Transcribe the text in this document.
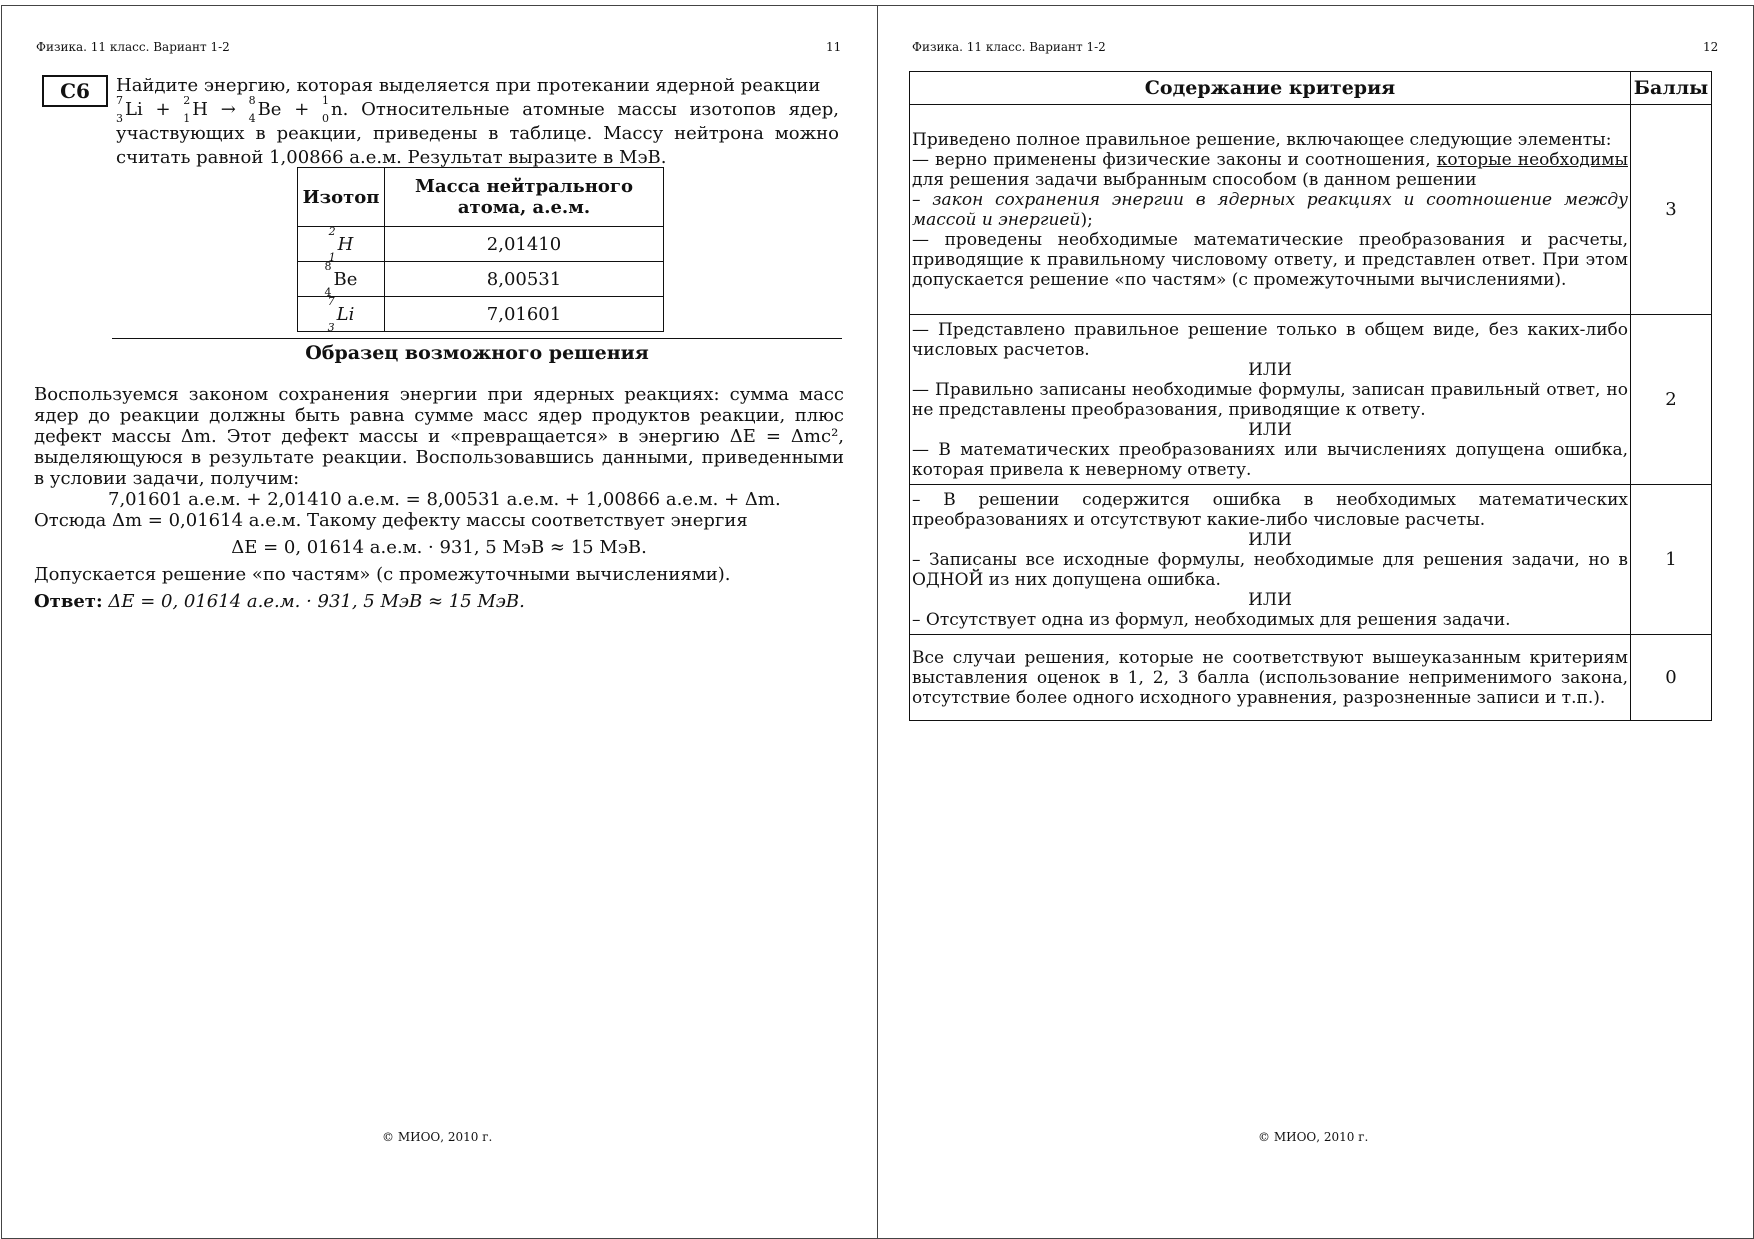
Физика. 11 класс. Вариант 1-2	11
C6	Найдите энергию, которая выделяется при протекании ядерной реакции

7
3 Li + 2
1 H → 8
4 Be + 1
0 n. Относительные атомные массы изотопов ядер, участвующих в реакции, приведены в таблице. Массу нейтрона можно считать равной 1,00866 а.е.м. Результат выразите в МэВ.
Изотоп	Масса нейтрального атома, а.е.м.

2
1
H	2,01410

8
4
Be	8,00531

7
3
Li	7,01601
Образец возможного решения

Воспользуемся законом сохранения энергии при ядерных реакциях: сумма масс ядер до реакции должны быть равна сумме масс ядер продуктов реакции, плюс дефект массы Δm. Этот дефект массы и «превращается» в энергию ΔE = Δmc², выделяющуюся в результате реакции. Воспользовавшись данными, приведенными в условии задачи, получим:

7,01601 а.е.м. + 2,01410 а.е.м. = 8,00531 а.е.м. + 1,00866 а.е.м. + Δm.

Отсюда Δm = 0,01614 а.е.м. Такому дефекту массы соответствует энергия

ΔE = 0, 01614 а.е.м. · 931, 5 МэВ ≈ 15 МэВ.

Допускается решение «по частям» (с промежуточными вычислениями).

Ответ: ΔE = 0, 01614 а.е.м. · 931, 5 МэВ ≈ 15 МэВ.

© МИОО, 2010 г.
Физика. 11 класс. Вариант 1-2	12
Содержание критерия	Баллы

Приведено полное правильное решение, включающее следующие элементы:
— верно применены физические законы и соотношения, которые необходимы для решения задачи выбранным способом (в данном решении
– закон сохранения энергии в ядерных реакциях и соотношение между массой и энергией);
— проведены необходимые математические преобразования и расчеты, приводящие к правильному числовому ответу, и представлен ответ. При этом допускается решение «по частям» (с промежуточными вычислениями).	3

— Представлено правильное решение только в общем виде, без каких-либо числовых расчетов.
ИЛИ
— Правильно записаны необходимые формулы, записан правильный ответ, но не представлены преобразования, приводящие к ответу.
ИЛИ
— В математических преобразованиях или вычислениях допущена ошибка, которая привела к неверному ответу.	2

– В решении содержится ошибка в необходимых математических преобразованиях и отсутствуют какие-либо числовые расчеты.
ИЛИ
– Записаны все исходные формулы, необходимые для решения задачи, но в ОДНОЙ из них допущена ошибка.
ИЛИ
– Отсутствует одна из формул, необходимых для решения задачи.	1

Все случаи решения, которые не соответствуют вышеуказанным критериям выставления оценок в 1, 2, 3 балла (использование неприменимого закона, отсутствие более одного исходного уравнения, разрозненные записи и т.п.).	0
© МИОО, 2010 г.
